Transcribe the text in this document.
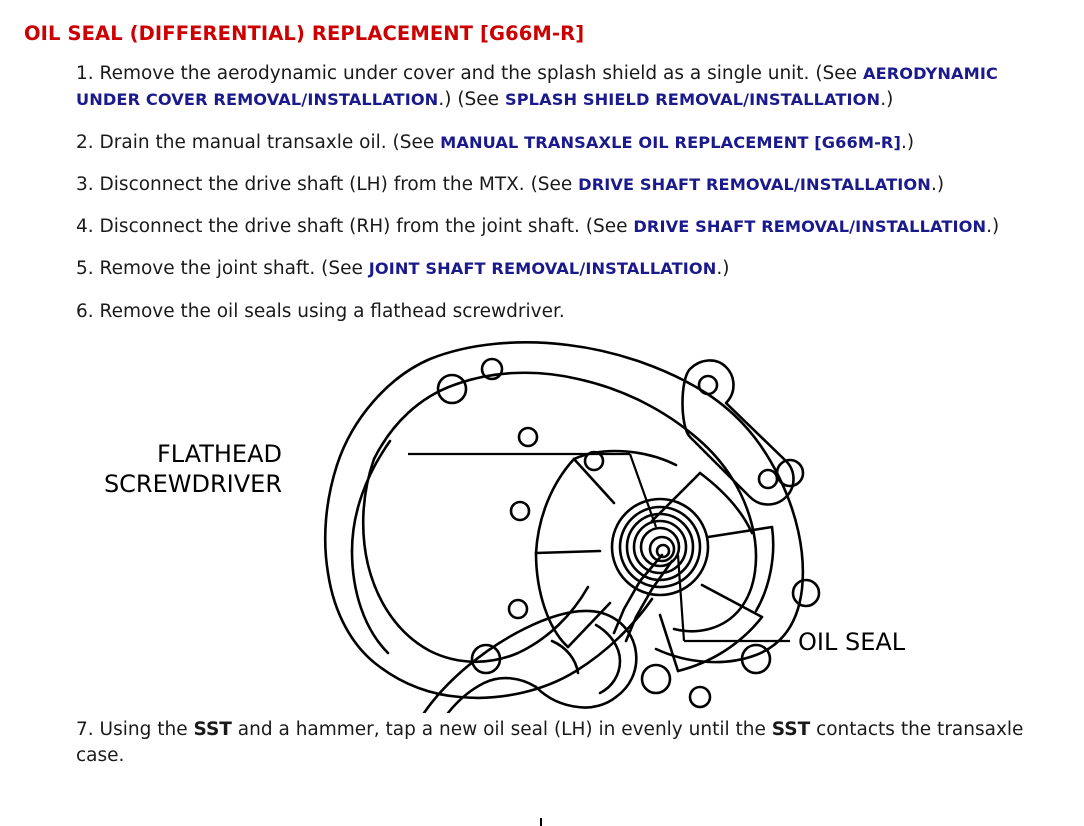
OIL SEAL (DIFFERENTIAL) REPLACEMENT [G66M-R]
1. Remove the aerodynamic under cover and the splash shield as a single unit. (See AERODYNAMIC UNDER COVER REMOVAL/INSTALLATION.) (See SPLASH SHIELD REMOVAL/INSTALLATION.)
2. Drain the manual transaxle oil. (See MANUAL TRANSAXLE OIL REPLACEMENT [G66M-R].)
3. Disconnect the drive shaft (LH) from the MTX. (See DRIVE SHAFT REMOVAL/INSTALLATION.)
4. Disconnect the drive shaft (RH) from the joint shaft. (See DRIVE SHAFT REMOVAL/INSTALLATION.)
5. Remove the joint shaft. (See JOINT SHAFT REMOVAL/INSTALLATION.)
6. Remove the oil seals using a flathead screwdriver.
FLATHEAD
SCREWDRIVER
OIL SEAL
7. Using the SST and a hammer, tap a new oil seal (LH) in evenly until the SST contacts the transaxle case.
